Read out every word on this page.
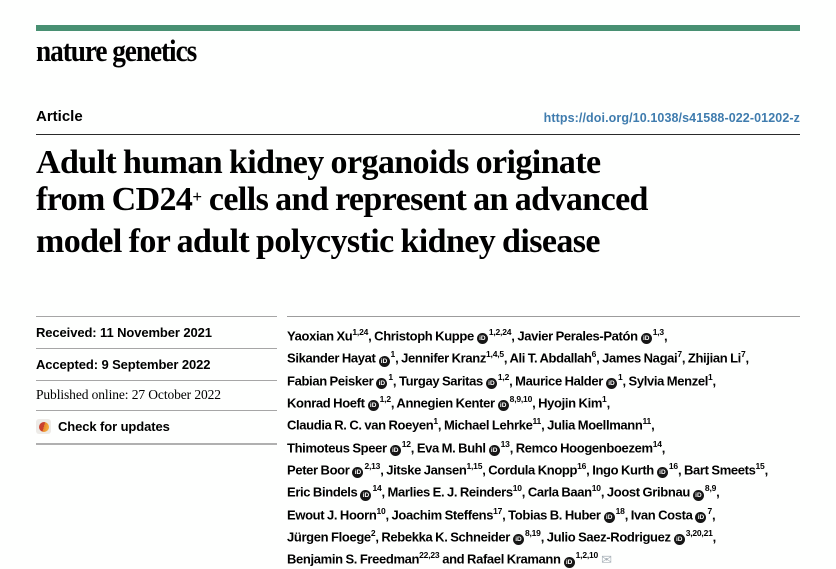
nature genetics
Article	https://doi.org/10.1038/s41588-022-01202-z
Adult human kidney organoids originate
from CD24+ cells and represent an advanced
model for adult polycystic kidney disease
Received: 11 November 2021
Accepted: 9 September 2022
Published online: 27 October 2022
Check for updates
Yaoxian Xu$^{1,24}$, Christoph Kuppe iD$^{1,2,24}$, Javier Perales-Patón iD$^{1,3}$,
Sikander Hayat iD$^1$, Jennifer Kranz$^{1,4,5}$, Ali T. Abdallah$^6$, James Nagai$^7$, Zhijian Li$^7$,
Fabian Peisker iD$^1$, Turgay Saritas iD$^{1,2}$, Maurice Halder iD$^1$, Sylvia Menzel$^1$,
Konrad Hoeft iD$^{1,2}$, Annegien Kenter iD$^{8,9,10}$, Hyojin Kim$^1$,
Claudia R. C. van Roeyen$^1$, Michael Lehrke$^{11}$, Julia Moellmann$^{11}$,
Thimoteus Speer iD$^{12}$, Eva M. Buhl iD$^{13}$, Remco Hoogenboezem$^{14}$,
Peter Boor iD$^{2,13}$, Jitske Jansen$^{1,15}$, Cordula Knopp$^{16}$, Ingo Kurth iD$^{16}$, Bart Smeets$^{15}$,
Eric Bindels iD$^{14}$, Marlies E. J. Reinders$^{10}$, Carla Baan$^{10}$, Joost Gribnau iD$^{8,9}$,
Ewout J. Hoorn$^{10}$, Joachim Steffens$^{17}$, Tobias B. Huber iD$^{18}$, Ivan Costa iD$^7$,
Jürgen Floege$^2$, Rebekka K. Schneider iD$^{8,19}$, Julio Saez-Rodriguez iD$^{3,20,21}$,
Benjamin S. Freedman$^{22,23}$ and Rafael Kramann iD$^{1,2,10}$ ✉
